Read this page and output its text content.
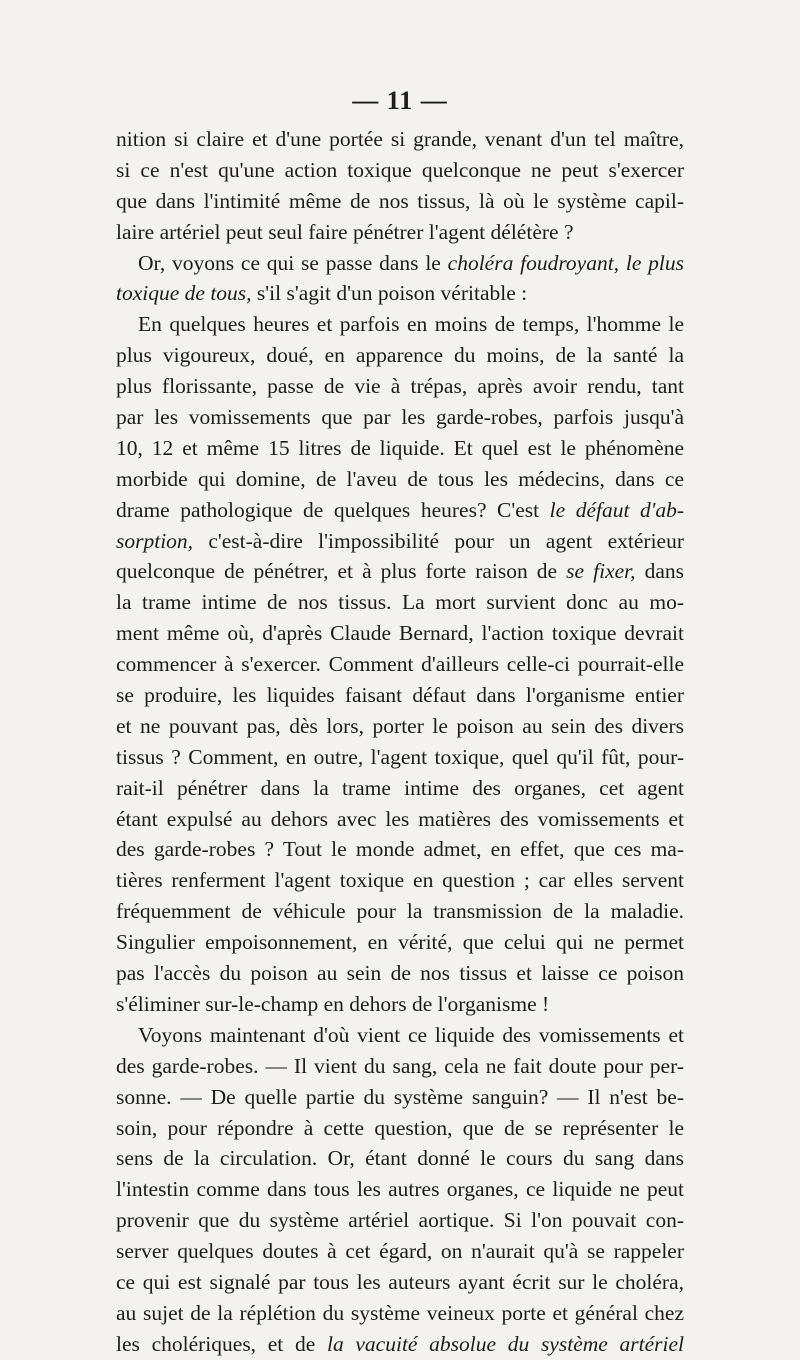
— 11 —
nition si claire et d'une portée si grande, venant d'un tel maître,
si ce n'est qu'une action toxique quelconque ne peut s'exercer
que dans l'intimité même de nos tissus, là où le système capil-
laire artériel peut seul faire pénétrer l'agent délétère ?
Or, voyons ce qui se passe dans le choléra foudroyant, le plus
toxique de tous, s'il s'agit d'un poison véritable :
En quelques heures et parfois en moins de temps, l'homme le
plus vigoureux, doué, en apparence du moins, de la santé la
plus florissante, passe de vie à trépas, après avoir rendu, tant
par les vomissements que par les garde-robes, parfois jusqu'à
10, 12 et même 15 litres de liquide. Et quel est le phénomène
morbide qui domine, de l'aveu de tous les médecins, dans ce
drame pathologique de quelques heures? C'est le défaut d'ab-
sorption, c'est-à-dire l'impossibilité pour un agent extérieur
quelconque de pénétrer, et à plus forte raison de se fixer, dans
la trame intime de nos tissus. La mort survient donc au mo-
ment même où, d'après Claude Bernard, l'action toxique devrait
commencer à s'exercer. Comment d'ailleurs celle-ci pourrait-elle
se produire, les liquides faisant défaut dans l'organisme entier
et ne pouvant pas, dès lors, porter le poison au sein des divers
tissus ? Comment, en outre, l'agent toxique, quel qu'il fût, pour-
rait-il pénétrer dans la trame intime des organes, cet agent
étant expulsé au dehors avec les matières des vomissements et
des garde-robes ? Tout le monde admet, en effet, que ces ma-
tières renferment l'agent toxique en question ; car elles servent
fréquemment de véhicule pour la transmission de la maladie.
Singulier empoisonnement, en vérité, que celui qui ne permet
pas l'accès du poison au sein de nos tissus et laisse ce poison
s'éliminer sur-le-champ en dehors de l'organisme !
Voyons maintenant d'où vient ce liquide des vomissements et
des garde-robes. — Il vient du sang, cela ne fait doute pour per-
sonne. — De quelle partie du système sanguin? — Il n'est be-
soin, pour répondre à cette question, que de se représenter le
sens de la circulation. Or, étant donné le cours du sang dans
l'intestin comme dans tous les autres organes, ce liquide ne peut
provenir que du système artériel aortique. Si l'on pouvait con-
server quelques doutes à cet égard, on n'aurait qu'à se rappeler
ce qui est signalé par tous les auteurs ayant écrit sur le choléra,
au sujet de la réplétion du système veineux porte et général chez
les cholériques, et de la vacuité absolue du système artériel
